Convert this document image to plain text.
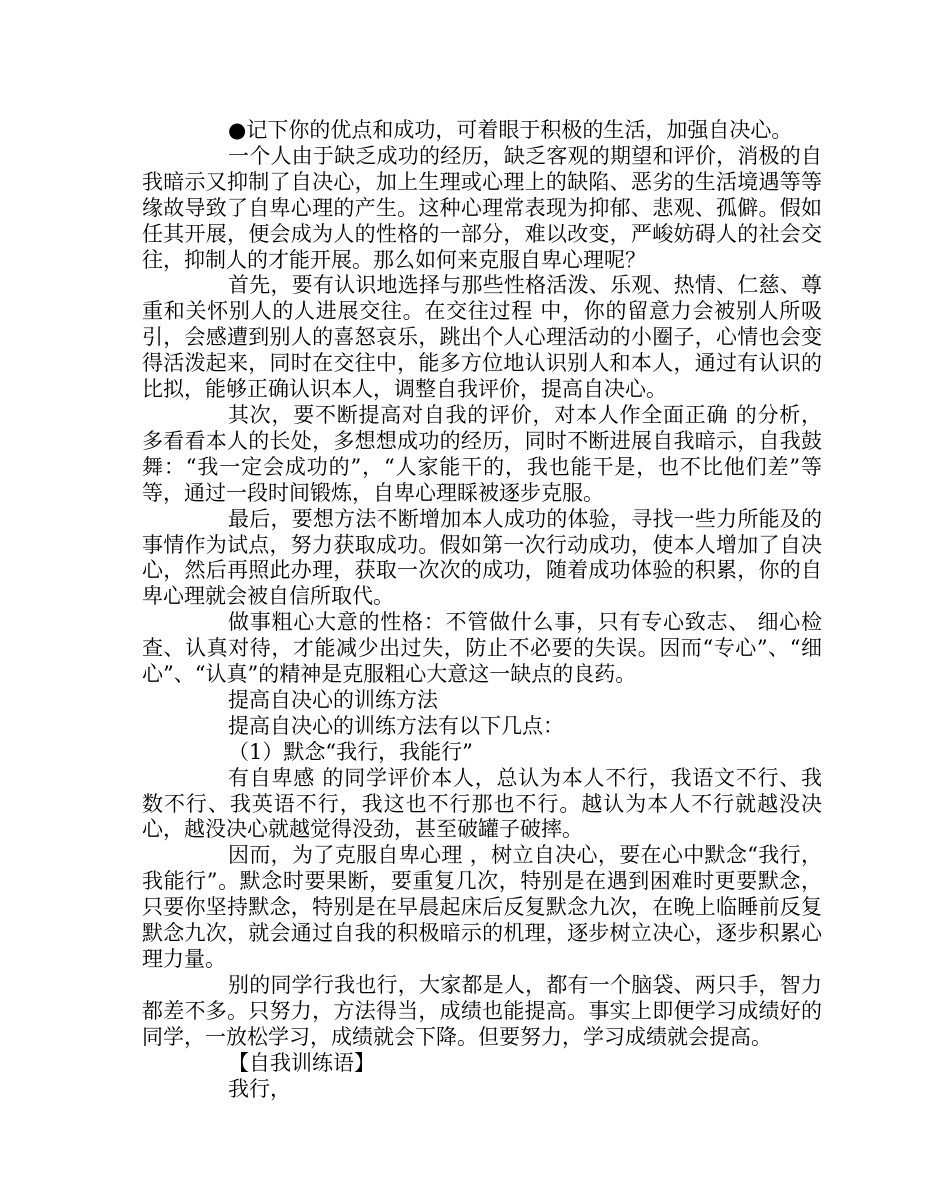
●记下你的优点和成功，可着眼于积极的生活，加强自决心。

一个人由于缺乏成功的经历，缺乏客观的期望和评价，消极的自我暗示又抑制了自决心，加上生理或心理上的缺陷、恶劣的生活境遇等等缘故导致了自卑心理的产生。这种心理常表现为抑郁、悲观、孤僻。假如任其开展，便会成为人的性格的一部分，难以改变，严峻妨碍人的社会交往，抑制人的才能开展。那么如何来克服自卑心理呢？

首先，要有认识地选择与那些性格活泼、乐观、热情、仁慈、尊重和关怀别人的人进展交往。在交往过程 中，你的留意力会被别人所吸引，会感遭到别人的喜怒哀乐，跳出个人心理活动的小圈子，心情也会变得活泼起来，同时在交往中，能多方位地认识别人和本人，通过有认识的比拟，能够正确认识本人，调整自我评价，提高自决心。

其次，要不断提高对自我的评价，对本人作全面正确 的分析，多看看本人的长处，多想想成功的经历，同时不断进展自我暗示，自我鼓舞：“我一定会成功的”，“人家能干的，我也能干是，也不比他们差”等等，通过一段时间锻炼，自卑心理睬被逐步克服。

最后，要想方法不断增加本人成功的体验，寻找一些力所能及的事情作为试点，努力获取成功。假如第一次行动成功，使本人增加了自决心，然后再照此办理，获取一次次的成功，随着成功体验的积累，你的自卑心理就会被自信所取代。

做事粗心大意的性格：不管做什么事，只有专心致志、 细心检查、认真对待，才能减少出过失，防止不必要的失误。因而“专心”、“细心”、“认真”的精神是克服粗心大意这一缺点的良药。

提高自决心的训练方法

提高自决心的训练方法有以下几点：

（1）默念“我行，我能行”

有自卑感 的同学评价本人，总认为本人不行，我语文不行、我数不行、我英语不行，我这也不行那也不行。越认为本人不行就越没决心，越没决心就越觉得没劲，甚至破罐子破摔。

因而，为了克服自卑心理 ，树立自决心，要在心中默念“我行，我能行”。默念时要果断，要重复几次，特别是在遇到困难时更要默念，只要你坚持默念，特别是在早晨起床后反复默念九次，在晚上临睡前反复默念九次，就会通过自我的积极暗示的机理，逐步树立决心，逐步积累心理力量。

别的同学行我也行，大家都是人，都有一个脑袋、两只手，智力都差不多。只努力，方法得当，成绩也能提高。事实上即便学习成绩好的同学，一放松学习，成绩就会下降。但要努力，学习成绩就会提高。

【自我训练语】

我行，
